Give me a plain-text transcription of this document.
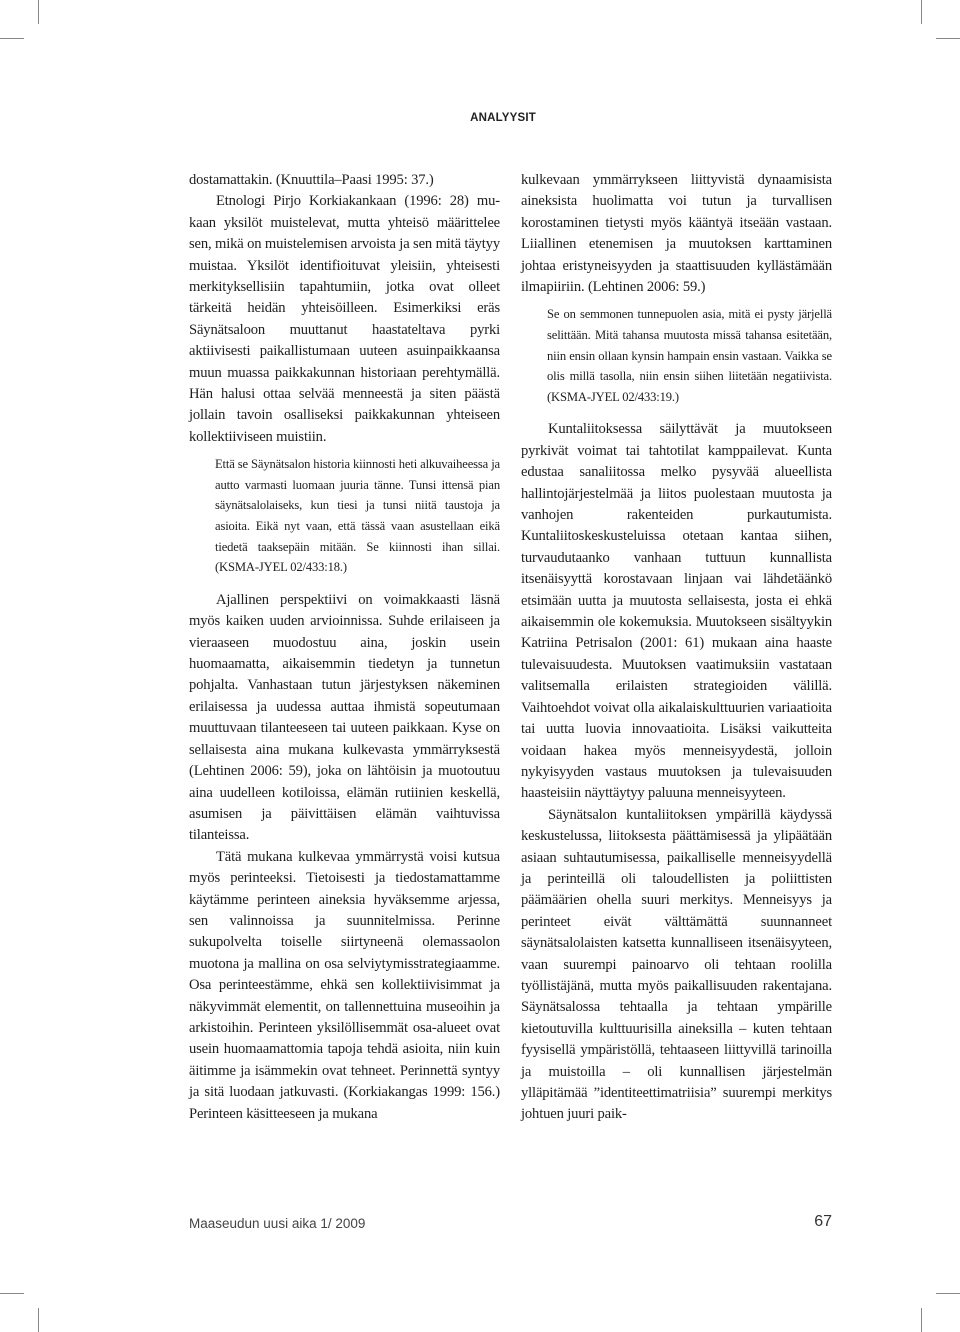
ANALYYSIT

dostamattakin. (Knuuttila–Paasi 1995: 37.)

Etnologi Pirjo Korkiakankaan (1996: 28) mu-kaan yksilöt muistelevat, mutta yhteisö määrittelee sen, mikä on muistelemisen arvoista ja sen mitä täytyy muistaa. Yksilöt identifioituvat yleisiin, yhteisesti merkityksellisiin tapahtumiin, jotka ovat olleet tärkeitä heidän yhteisöilleen. Esimerkiksi eräs Säynätsaloon muuttanut haastateltava pyrki aktiivisesti paikallistumaan uuteen asuinpaikkaansa muun muassa paikkakunnan historiaan perehtymällä. Hän halusi ottaa selvää menneestä ja siten päästä jollain tavoin osalliseksi paikkakunnan yhteiseen kollektiiviseen muistiin.

Että se Säynätsalon historia kiinnosti heti alkuvaiheessa ja autto varmasti luomaan juuria tänne. Tunsi ittensä pian säynätsalolaiseks, kun tiesi ja tunsi niitä taustoja ja asioita. Eikä nyt vaan, että tässä vaan asustellaan eikä tiedetä taaksepäin mitään. Se kiinnosti ihan sillai. (KSMA-JYEL 02/433:18.)

Ajallinen perspektiivi on voimakkaasti läsnä myös kaiken uuden arvioinnissa. Suhde erilaiseen ja vieraaseen muodostuu aina, joskin usein huomaamatta, aikaisemmin tiedetyn ja tunnetun pohjalta. Vanhastaan tutun järjestyksen näkeminen erilaisessa ja uudessa auttaa ihmistä sopeutumaan muuttuvaan tilanteeseen tai uuteen paikkaan. Kyse on sellaisesta aina mukana kulkevasta ymmärryksestä (Lehtinen 2006: 59), joka on lähtöisin ja muotoutuu aina uudelleen kotiloissa, elämän rutiinien keskellä, asumisen ja päivittäisen elämän vaihtuvissa tilanteissa.

Tätä mukana kulkevaa ymmärrystä voisi kutsua myös perinteeksi. Tietoisesti ja tiedostamattamme käytämme perinteen aineksia hyväksemme arjessa, sen valinnoissa ja suunnitelmissa. Perinne sukupolvelta toiselle siirtyneenä olemassaolon muotona ja mallina on osa selviytymisstrategiaamme. Osa perinteestämme, ehkä sen kollektiivisimmat ja näkyvimmät elementit, on tallennettuina museoihin ja arkistoihin. Perinteen yksilöllisemmät osa-alueet ovat usein huomaamattomia tapoja tehdä asioita, niin kuin äitimme ja isämmekin ovat tehneet. Perinnettä syntyy ja sitä luodaan jatkuvasti. (Korkiakangas 1999: 156.) Perinteen käsitteeseen ja mukana

kulkevaan ymmärrykseen liittyvistä dynaamisista aineksista huolimatta voi tutun ja turvallisen korostaminen tietysti myös kääntyä itseään vastaan. Liiallinen etenemisen ja muutoksen karttaminen johtaa eristyneisyyden ja staattisuuden kyllästämään ilmapiiriin. (Lehtinen 2006: 59.)

Se on semmonen tunnepuolen asia, mitä ei pysty järjellä selittään. Mitä tahansa muutosta missä tahansa esitetään, niin ensin ollaan kynsin hampain ensin vastaan. Vaikka se olis millä tasolla, niin ensin siihen liitetään negatiivista. (KSMA-JYEL 02/433:19.)

Kuntaliitoksessa säilyttävät ja muutokseen pyrkivät voimat tai tahtotilat kamppailevat. Kunta edustaa sanaliitossa melko pysyvää alueellista hallintojärjestelmää ja liitos puolestaan muutosta ja vanhojen rakenteiden purkautumista. Kuntaliitoskeskusteluissa otetaan kantaa siihen, turvaudutaanko vanhaan tuttuun kunnallista itsenäisyyttä korostavaan linjaan vai lähdetäänkö etsimään uutta ja muutosta sellaisesta, josta ei ehkä aikaisemmin ole kokemuksia. Muutokseen sisältyykin Katriina Petrisalon (2001: 61) mukaan aina haaste tulevaisuudesta. Muutoksen vaatimuksiin vastataan valitsemalla erilaisten strategioiden välillä. Vaihtoehdot voivat olla aikalaiskulttuurien variaatioita tai uutta luovia innovaatioita. Lisäksi vaikutteita voidaan hakea myös menneisyydestä, jolloin nykyisyyden vastaus muutoksen ja tulevaisuuden haasteisiin näyttäytyy paluuna menneisyyteen.

Säynätsalon kuntaliitoksen ympärillä käydyssä keskustelussa, liitoksesta päättämisessä ja ylipäätään asiaan suhtautumisessa, paikalliselle menneisyydellä ja perinteillä oli taloudellisten ja poliittisten päämäärien ohella suuri merkitys. Menneisyys ja perinteet eivät välttämättä suunnanneet säynätsalolaisten katsetta kunnalliseen itsenäisyyteen, vaan suurempi painoarvo oli tehtaan roolilla työllistäjänä, mutta myös paikallisuuden rakentajana. Säynätsalossa tehtaalla ja tehtaan ympärille kietoutuvilla kulttuurisilla aineksilla – kuten tehtaan fyysisellä ympäristöllä, tehtaaseen liittyvillä tarinoilla ja muistoilla – oli kunnallisen järjestelmän ylläpitämää ”identiteettimatriisia” suurempi merkitys johtuen juuri paik-

Maaseudun uusi aika 1/ 2009	67
